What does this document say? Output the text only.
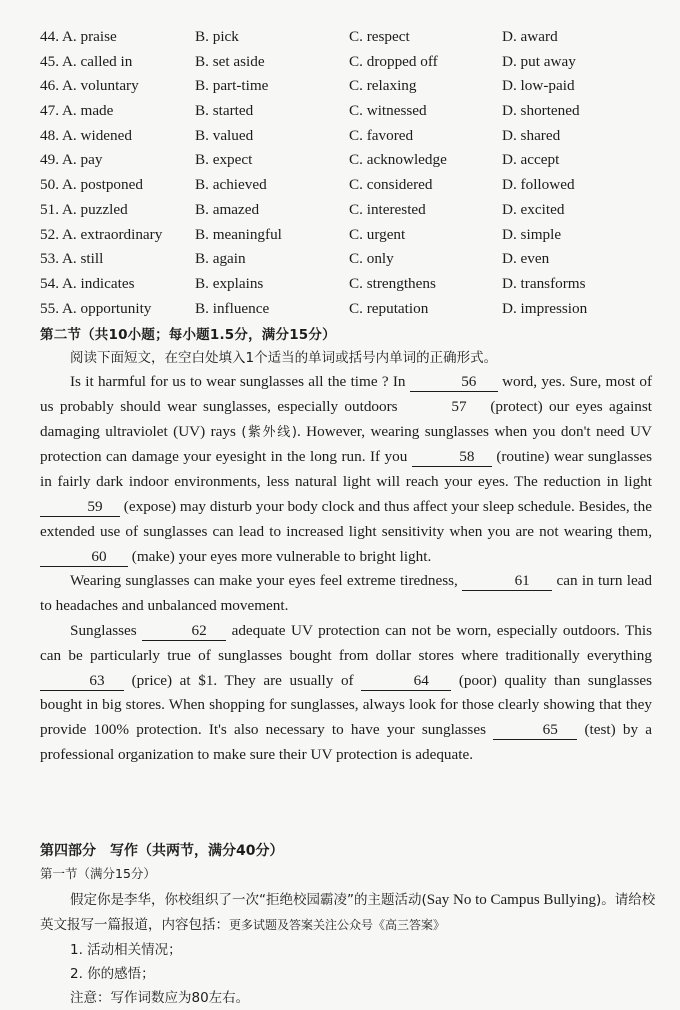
44. A. praise	B. pick	C. respect	D. award
45. A. called in	B. set aside	C. dropped off	D. put away
46. A. voluntary	B. part-time	C. relaxing	D. low-paid
47. A. made	B. started	C. witnessed	D. shortened
48. A. widened	B. valued	C. favored	D. shared
49. A. pay	B. expect	C. acknowledge	D. accept
50. A. postponed	B. achieved	C. considered	D. followed
51. A. puzzled	B. amazed	C. interested	D. excited
52. A. extraordinary B. meaningful	C. urgent	D. simple
53. A. still	B. again	C. only	D. even
54. A. indicates	B. explains	C. strengthens	D. transforms
55. A. opportunity	B. influence	C. reputation	D. impression
第二节（共10小题；每小题1.5分，满分15分）
阅读下面短文，在空白处填入1个适当的单词或括号内单词的正确形式。

Is it harmful for us to wear sunglasses all the time ? In	56 word, yes. Sure, most of us probably should wear sunglasses, especially outdoors	57 (protect) our eyes against damaging ultraviolet (UV) rays (紫外线). However, wearing sunglasses when you don't need UV protection can damage your eyesight in the long run. If you	58 (routine) wear sunglasses in fairly dark indoor environments, less natural light will reach your eyes. The reduction in light 59 (expose) may disturb your body clock and thus affect your sleep schedule. Besides, the extended use of sunglasses can lead to increased light sensitivity when you are not wearing them, 60 (make) your eyes more vulnerable to bright light.

Wearing sunglasses can make your eyes feel extreme tiredness,	61 can in turn lead to headaches and unbalanced movement.

Sunglasses	62 adequate UV protection can not be worn, especially outdoors. This can be particularly true of sunglasses bought from dollar stores where traditionally everything 63 (price) at $1. They are usually of	64 (poor) quality than sunglasses bought in big stores. When shopping for sunglasses, always look for those clearly showing that they provide 100% protection. It's also necessary to have your sunglasses	65 (test) by a professional organization to make sure their UV protection is adequate.

第四部分　写作（共两节，满分40分）
第一节（满分15分）
假定你是李华，你校组织了一次“拒绝校园霸凌”的主题活动(Say No to Campus Bullying)。请给校英文报写一篇报道，内容包括：更多试题及答案关注公众号《高三答案》
1. 活动相关情况；
2. 你的感悟；
注意：写作词数应为80左右。
